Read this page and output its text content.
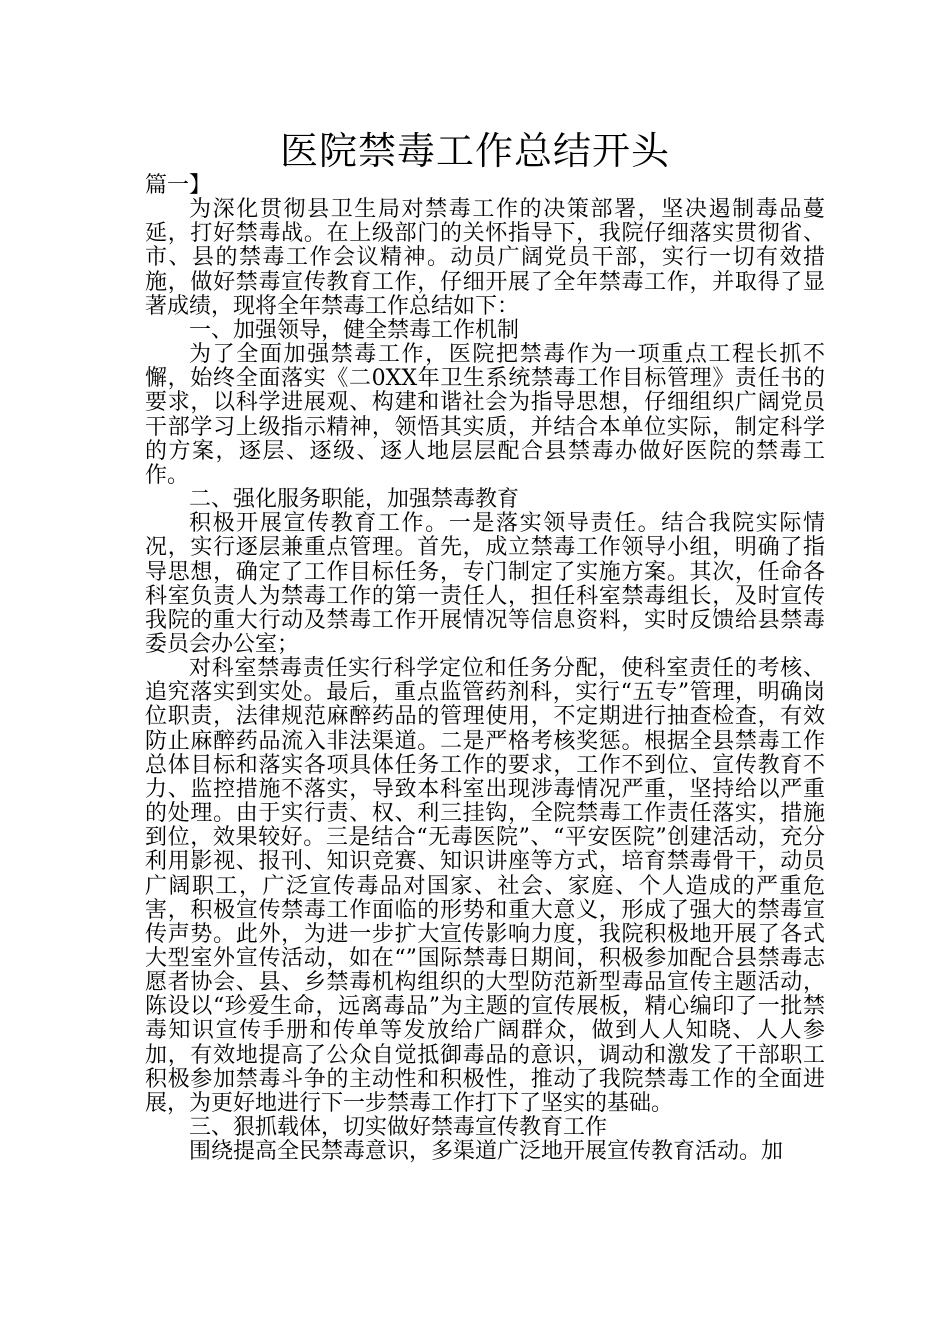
医院禁毒工作总结开头

篇一】

为深化贯彻县卫生局对禁毒工作的决策部署，坚决遏制毒品蔓延，打好禁毒战。在上级部门的关怀指导下，我院仔细落实贯彻省、市、县的禁毒工作会议精神。动员广阔党员干部，实行一切有效措施，做好禁毒宣传教育工作，仔细开展了全年禁毒工作，并取得了显著成绩，现将全年禁毒工作总结如下：

一、加强领导，健全禁毒工作机制

为了全面加强禁毒工作，医院把禁毒作为一项重点工程长抓不懈，始终全面落实《二0XX年卫生系统禁毒工作目标管理》责任书的要求，以科学进展观、构建和谐社会为指导思想，仔细组织广阔党员干部学习上级指示精神，领悟其实质，并结合本单位实际，制定科学的方案，逐层、逐级、逐人地层层配合县禁毒办做好医院的禁毒工作。

二、强化服务职能，加强禁毒教育

积极开展宣传教育工作。一是落实领导责任。结合我院实际情况，实行逐层兼重点管理。首先，成立禁毒工作领导小组，明确了指导思想，确定了工作目标任务，专门制定了实施方案。其次，任命各科室负责人为禁毒工作的第一责任人，担任科室禁毒组长，及时宣传我院的重大行动及禁毒工作开展情况等信息资料，实时反馈给县禁毒委员会办公室；

对科室禁毒责任实行科学定位和任务分配，使科室责任的考核、追究落实到实处。最后，重点监管药剂科，实行“五专”管理，明确岗位职责，法律规范麻醉药品的管理使用，不定期进行抽查检查，有效防止麻醉药品流入非法渠道。二是严格考核奖惩。根据全县禁毒工作总体目标和落实各项具体任务工作的要求，工作不到位、宣传教育不力、监控措施不落实，导致本科室出现涉毒情况严重，坚持给以严重的处理。由于实行责、权、利三挂钩，全院禁毒工作责任落实，措施到位，效果较好。三是结合“无毒医院”、“平安医院”创建活动，充分利用影视、报刊、知识竞赛、知识讲座等方式，培育禁毒骨干，动员广阔职工，广泛宣传毒品对国家、社会、家庭、个人造成的严重危害，积极宣传禁毒工作面临的形势和重大意义，形成了强大的禁毒宣传声势。此外，为进一步扩大宣传影响力度，我院积极地开展了各式大型室外宣传活动，如在“”国际禁毒日期间，积极参加配合县禁毒志愿者协会、县、乡禁毒机构组织的大型防范新型毒品宣传主题活动，陈设以“珍爱生命，远离毒品”为主题的宣传展板，精心编印了一批禁毒知识宣传手册和传单等发放给广阔群众，做到人人知晓、人人参加，有效地提高了公众自觉抵御毒品的意识，调动和激发了干部职工积极参加禁毒斗争的主动性和积极性，推动了我院禁毒工作的全面进展，为更好地进行下一步禁毒工作打下了坚实的基础。

三、狠抓载体，切实做好禁毒宣传教育工作

围绕提高全民禁毒意识，多渠道广泛地开展宣传教育活动。加
